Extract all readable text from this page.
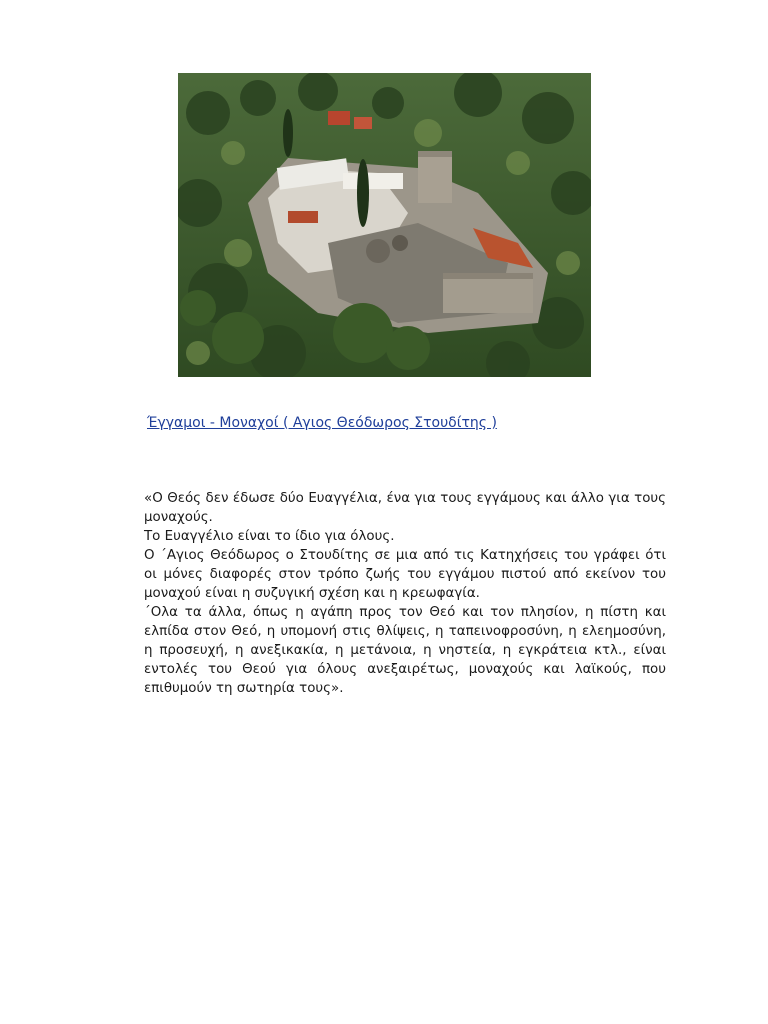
Έγγαμοι - Μοναχοί ( Αγιος Θεόδωρος Στουδίτης )

«Ο Θεός δεν έδωσε δύο Ευαγγέλια, ένα για τους εγγάμους και άλλο για τους μοναχούς.

Το Ευαγγέλιο είναι το ίδιο για όλους.

Ο ΄Αγιος Θεόδωρος ο Στουδίτης σε μια από τις Κατηχήσεις του γράφει ότι οι μόνες διαφορές στον τρόπο ζωής του εγγάμου πιστού από εκείνον του μοναχού είναι η συζυγική σχέση και η κρεωφαγία.

΄Ολα τα άλλα, όπως η αγάπη προς τον Θεό και τον πλησίον, η πίστη και ελπίδα στον Θεό, η υπομονή στις θλίψεις, η ταπεινοφροσύνη, η ελεημοσύνη, η προσευχή, η ανεξικακία, η μετάνοια, η νηστεία, η εγκράτεια κτλ., είναι εντολές του Θεού για όλους ανεξαιρέτως, μοναχούς και λαϊκούς, που επιθυμούν τη σωτηρία τους».
